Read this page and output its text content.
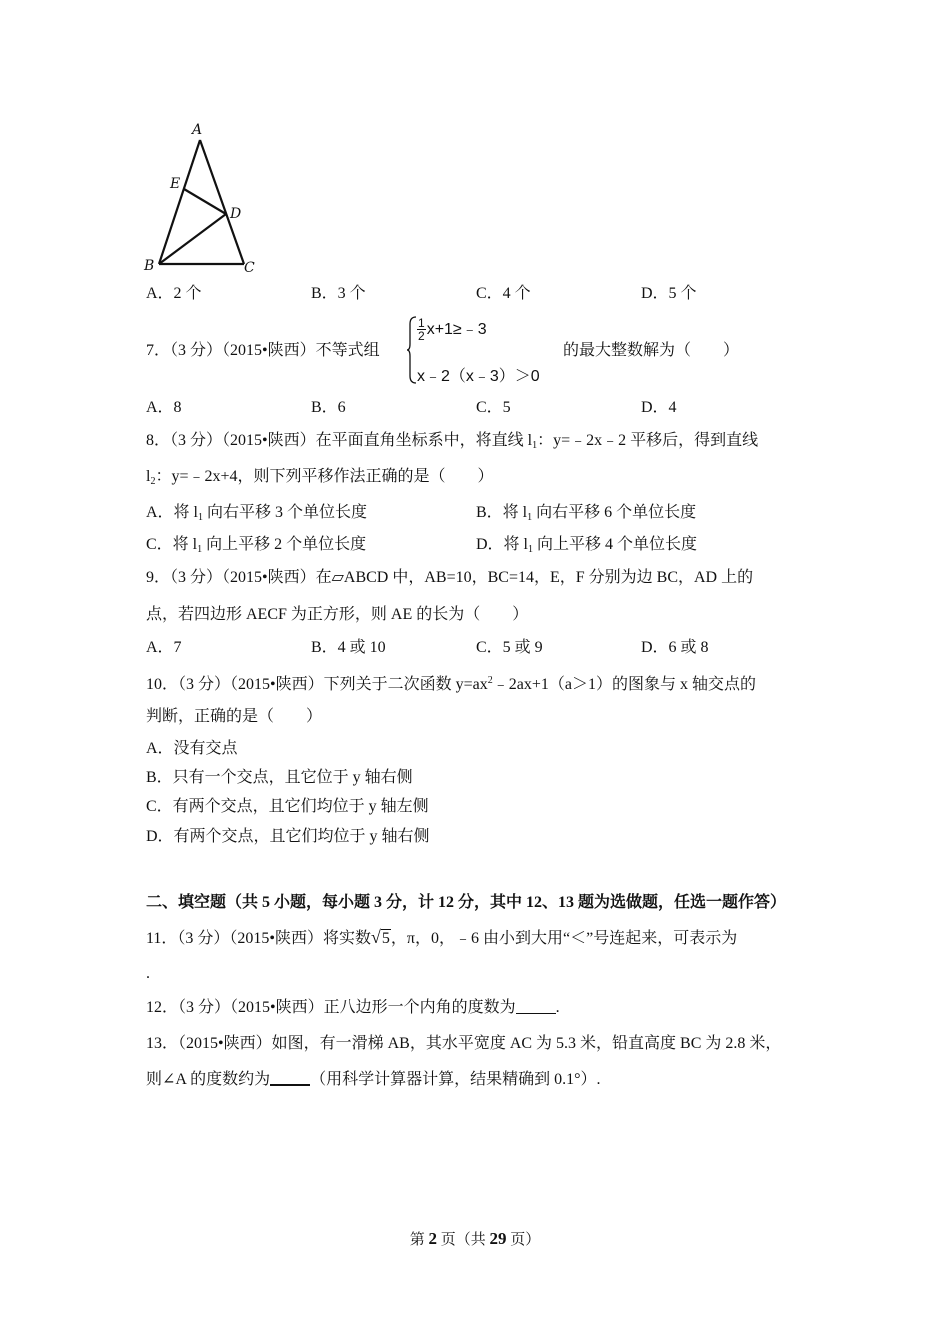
A
E
D
B	C
A．2 个	B．3 个	C．4 个	D．5 个
7．（3 分）（2015•陕西）不等式组
$\frac{1}{2}$ x+1≥﹣3
x﹣2（x﹣3）＞0
的最大整数解为（　　）
A．8	B．6	C．5	D．4
8．（3 分）（2015•陕西）在平面直角坐标系中，将直线 $l_1$：y=﹣2x﹣2 平移后，得到直线
$l_2$：y=﹣2x+4，则下列平移作法正确的是（　　）
A．将 $l_1$ 向右平移 3 个单位长度	B．将 $l_1$ 向右平移 6 个单位长度
C．将 $l_1$ 向上平移 2 个单位长度	D．将 $l_1$ 向上平移 4 个单位长度
9．（3 分）（2015•陕西）在▱ABCD 中，AB=10，BC=14，E，F 分别为边 BC，AD 上的
点，若四边形 AECF 为正方形，则 AE 的长为（　　）
A．7	B．4 或 10	C．5 或 9	D．6 或 8
10．（3 分）（2015•陕西）下列关于二次函数 $y=ax^2﹣2ax+1(a>1)$的图象与 x 轴交点的
判断，正确的是（　　）
A．没有交点
B．只有一个交点，且它位于 y 轴右侧
C．有两个交点，且它们均位于 y 轴左侧
D．有两个交点，且它们均位于 y 轴右侧
二、填空题（共 5 小题，每小题 3 分，计 12 分，其中 12、13 题为选做题，任选一题作答）
11．（3 分）（2015•陕西）将实数√5，π，0，﹣6 由小到大用“＜”号连起来，可表示为
.
12．（3 分）（2015•陕西）正八边形一个内角的度数为	.
13．（2015•陕西）如图，有一滑梯 AB，其水平宽度 AC 为 5.3 米，铅直高度 BC 为 2.8 米，
则∠A 的度数约为	（用科学计算器计算，结果精确到 0.1°）.
第 2 页（共 29 页）
